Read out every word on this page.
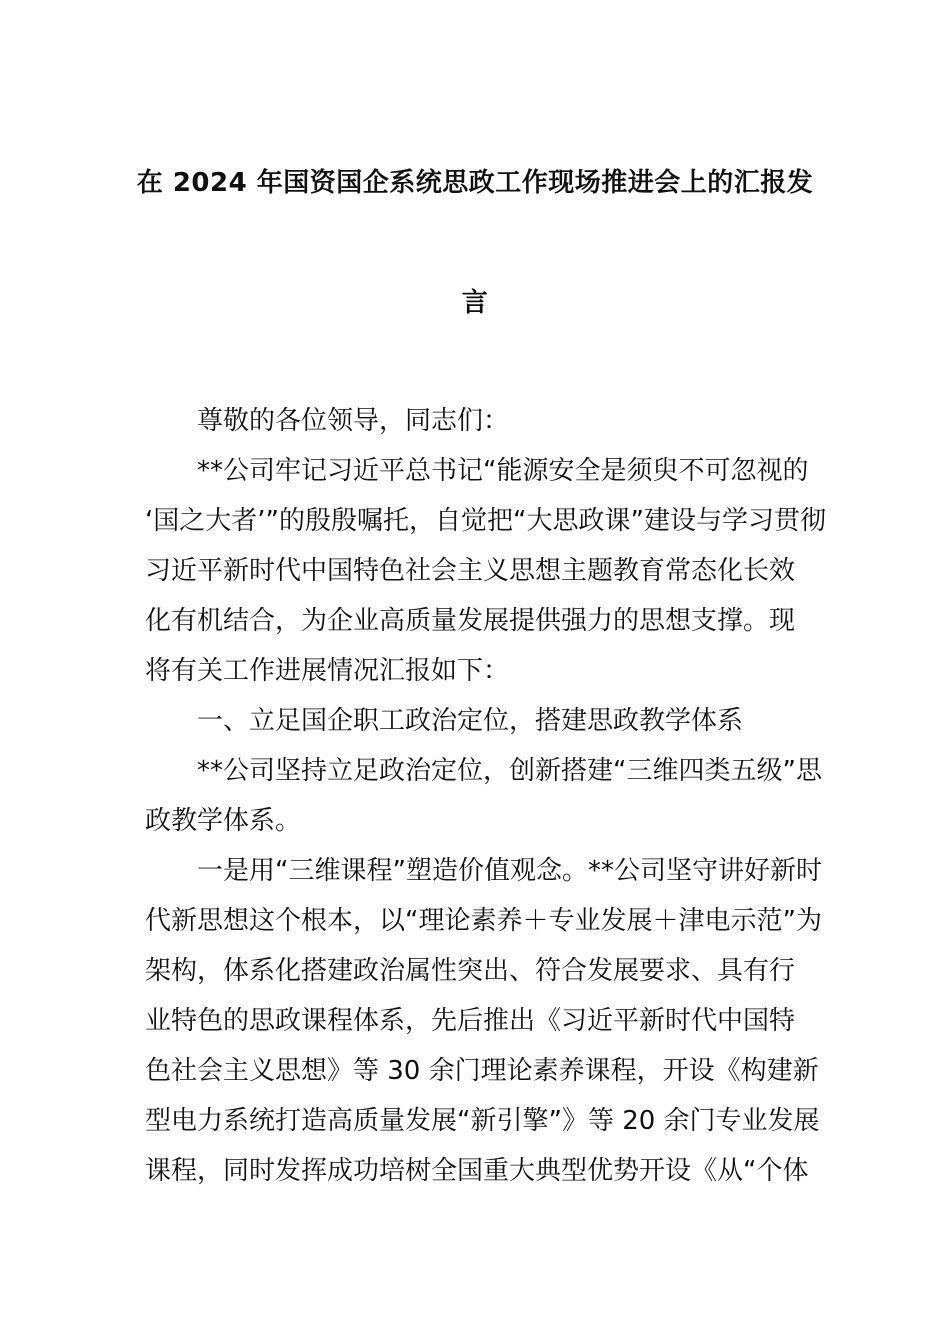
在 2024 年国资国企系统思政工作现场推进会上的汇报发
言
尊敬的各位领导，同志们：
**公司牢记习近平总书记“能源安全是须臾不可忽视的
‘国之大者’”的殷殷嘱托，自觉把“大思政课”建设与学习贯彻
习近平新时代中国特色社会主义思想主题教育常态化长效
化有机结合，为企业高质量发展提供强力的思想支撑。现
将有关工作进展情况汇报如下：
一、立足国企职工政治定位，搭建思政教学体系
**公司坚持立足政治定位，创新搭建“三维四类五级”思
政教学体系。
一是用“三维课程”塑造价值观念。**公司坚守讲好新时
代新思想这个根本，以“理论素养＋专业发展＋津电示范”为
架构，体系化搭建政治属性突出、符合发展要求、具有行
业特色的思政课程体系，先后推出《习近平新时代中国特
色社会主义思想》等 30 余门理论素养课程，开设《构建新
型电力系统打造高质量发展“新引擎”》等 20 余门专业发展
课程，同时发挥成功培树全国重大典型优势开设《从“个体
